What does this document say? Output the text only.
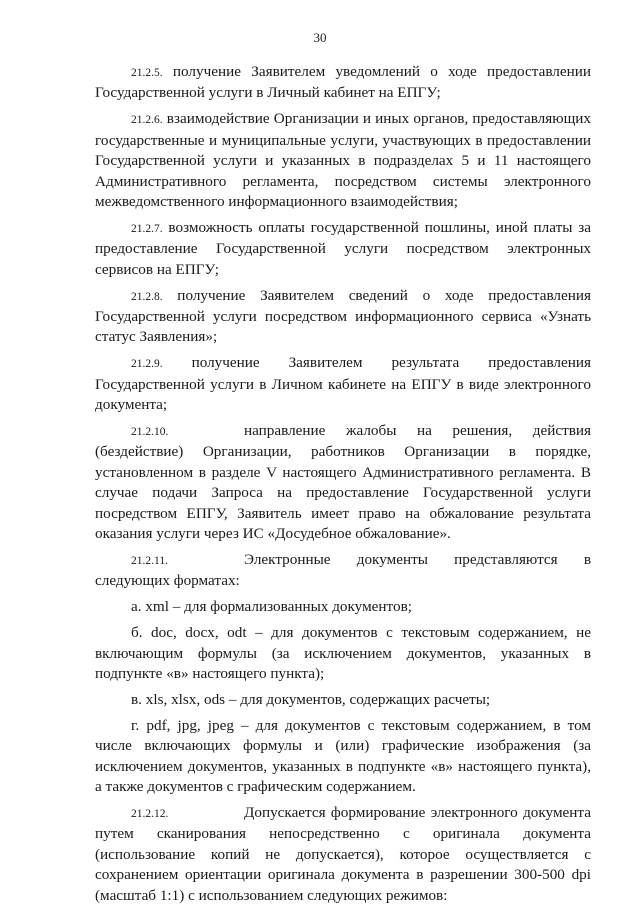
30

21.2.5. получение Заявителем уведомлений о ходе предоставлении Государственной услуги в Личный кабинет на ЕПГУ;

21.2.6. взаимодействие Организации и иных органов, предоставляющих государственные и муниципальные услуги, участвующих в предоставлении Государственной услуги и указанных в подразделах 5 и 11 настоящего Административного регламента, посредством системы электронного межведомственного информационного взаимодействия;

21.2.7. возможность оплаты государственной пошлины, иной платы за предоставление Государственной услуги посредством электронных сервисов на ЕПГУ;

21.2.8. получение Заявителем сведений о ходе предоставления Государственной услуги посредством информационного сервиса «Узнать статус Заявления»;

21.2.9. получение Заявителем результата предоставления Государственной услуги в Личном кабинете на ЕПГУ в виде электронного документа;

21.2.10.	направление жалобы на решения, действия (бездействие) Организации, работников Организации в порядке, установленном в разделе V настоящего Административного регламента. В случае подачи Запроса на предоставление Государственной услуги посредством ЕПГУ, Заявитель имеет право на обжалование результата оказания услуги через ИС «Досудебное обжалование».

21.2.11.	Электронные документы представляются в следующих форматах:

а. xml – для формализованных документов;

б. doc, docx, odt – для документов с текстовым содержанием, не включающим формулы (за исключением документов, указанных в подпункте «в» настоящего пункта);

в. xls, xlsx, ods – для документов, содержащих расчеты;

г. pdf, jpg, jpeg – для документов с текстовым содержанием, в том числе включающих формулы и (или) графические изображения (за исключением документов, указанных в подпункте «в» настоящего пункта), а также документов с графическим содержанием.

21.2.12.	Допускается формирование электронного документа путем сканирования непосредственно с оригинала документа (использование копий не допускается), которое осуществляется с сохранением ориентации оригинала документа в разрешении 300-500 dpi (масштаб 1:1) с использованием следующих режимов:
